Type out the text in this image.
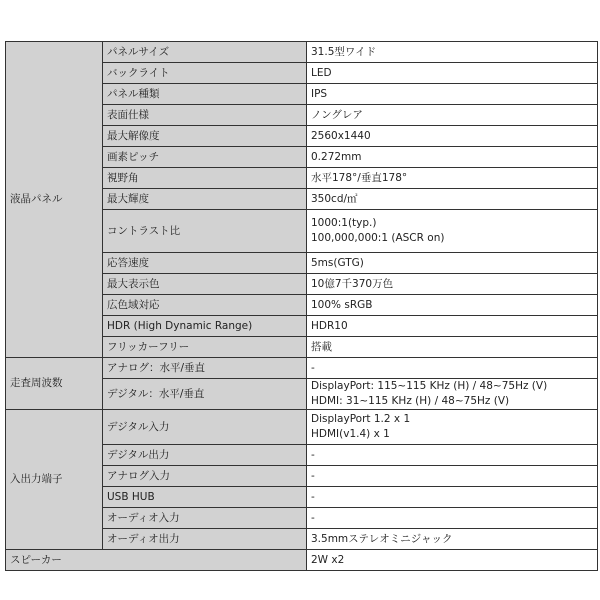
液晶パネル	パネルサイズ	31.5型ワイド

	バックライト	LED

	パネル種類	IPS

	表面仕様	ノングレア

	最大解像度	2560x1440

	画素ピッチ	0.272mm

	視野角	水平178°/垂直178°

	最大輝度	350cd/㎡

	コントラスト比	1000:1(typ.)
100,000,000:1 (ASCR on)

	応答速度	5ms(GTG)

	最大表示色	10億7千370万色

	広色域対応	100% sRGB

	HDR (High Dynamic Range)	HDR10

	フリッカーフリー	搭載

走査周波数	アナログ：水平/垂直	-

	デジタル：水平/垂直	DisplayPort: 115~115 KHz (H) / 48~75Hz (V)
HDMI: 31~115 KHz (H) / 48~75Hz (V)

入出力端子	デジタル入力	DisplayPort 1.2 x 1
HDMI(v1.4) x 1

	デジタル出力	-

	アナログ入力	-

	USB HUB	-

	オーディオ入力	-

	オーディオ出力	3.5mmステレオミニジャック

スピーカー		2W x2
